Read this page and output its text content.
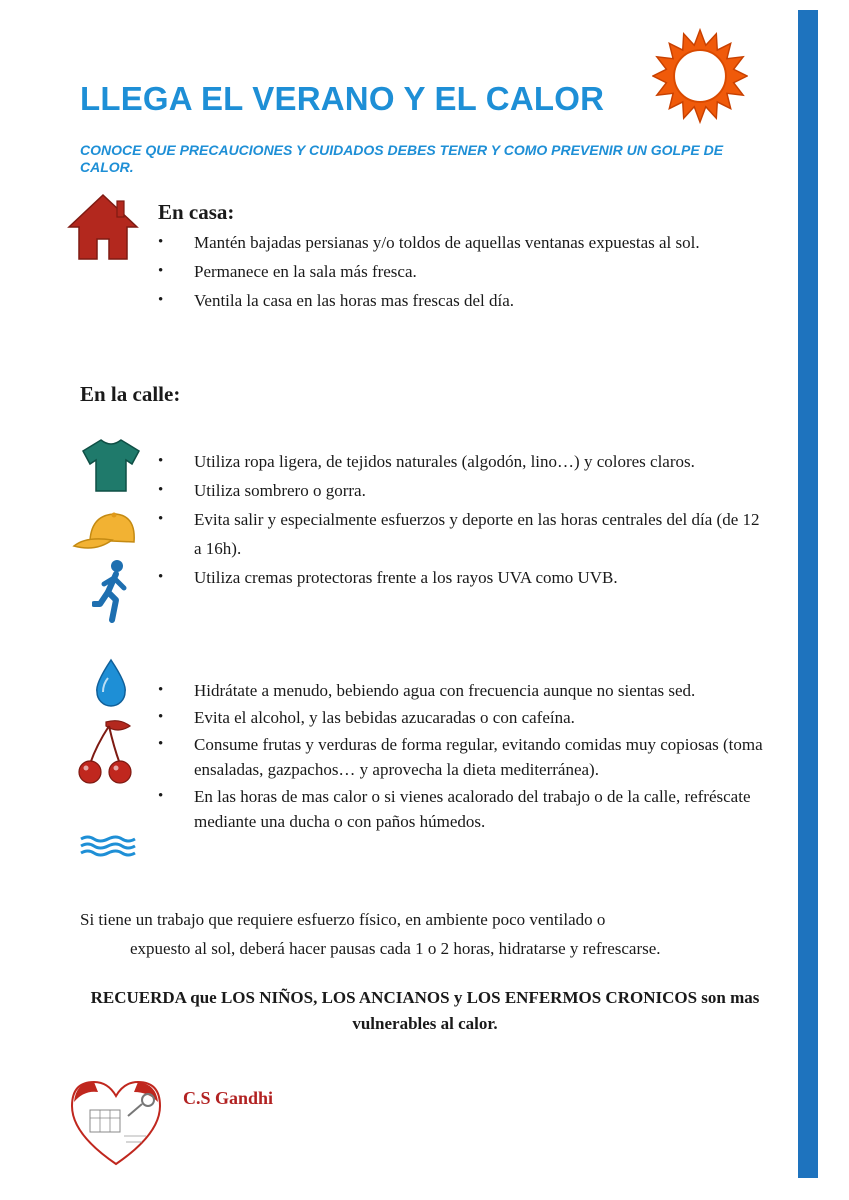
LLEGA EL VERANO Y EL CALOR

CONOCE QUE PRECAUCIONES Y CUIDADOS DEBES TENER Y COMO PREVENIR UN GOLPE DE CALOR.

En casa:
• Mantén bajadas persianas y/o toldos de aquellas ventanas expuestas al sol.
• Permanece en la sala más fresca.
• Ventila la casa en las horas mas frescas del día.
En la calle:
• Utiliza ropa ligera, de tejidos naturales (algodón, lino…) y colores claros.
• Utiliza sombrero o gorra.
• Evita salir y especialmente esfuerzos y deporte en las horas centrales del día (de 12 a 16h).
• Utiliza cremas protectoras frente a los rayos UVA como UVB.
• Hidrátate a menudo, bebiendo agua con frecuencia aunque no sientas sed.
• Evita el alcohol, y las bebidas azucaradas o con cafeína.
• Consume frutas y verduras de forma regular, evitando comidas muy copiosas (toma ensaladas, gazpachos… y aprovecha la dieta mediterránea).
• En las horas de mas calor o si vienes acalorado del trabajo o de la calle, refréscate mediante una ducha o con paños húmedos.

Si tiene un trabajo que requiere esfuerzo físico, en ambiente poco ventilado o
expuesto al sol, deberá hacer pausas cada 1 o 2 horas, hidratarse y refrescarse.

RECUERDA que LOS NIÑOS, LOS ANCIANOS y LOS ENFERMOS CRONICOS son mas vulnerables al calor.

C.S Gandhi
